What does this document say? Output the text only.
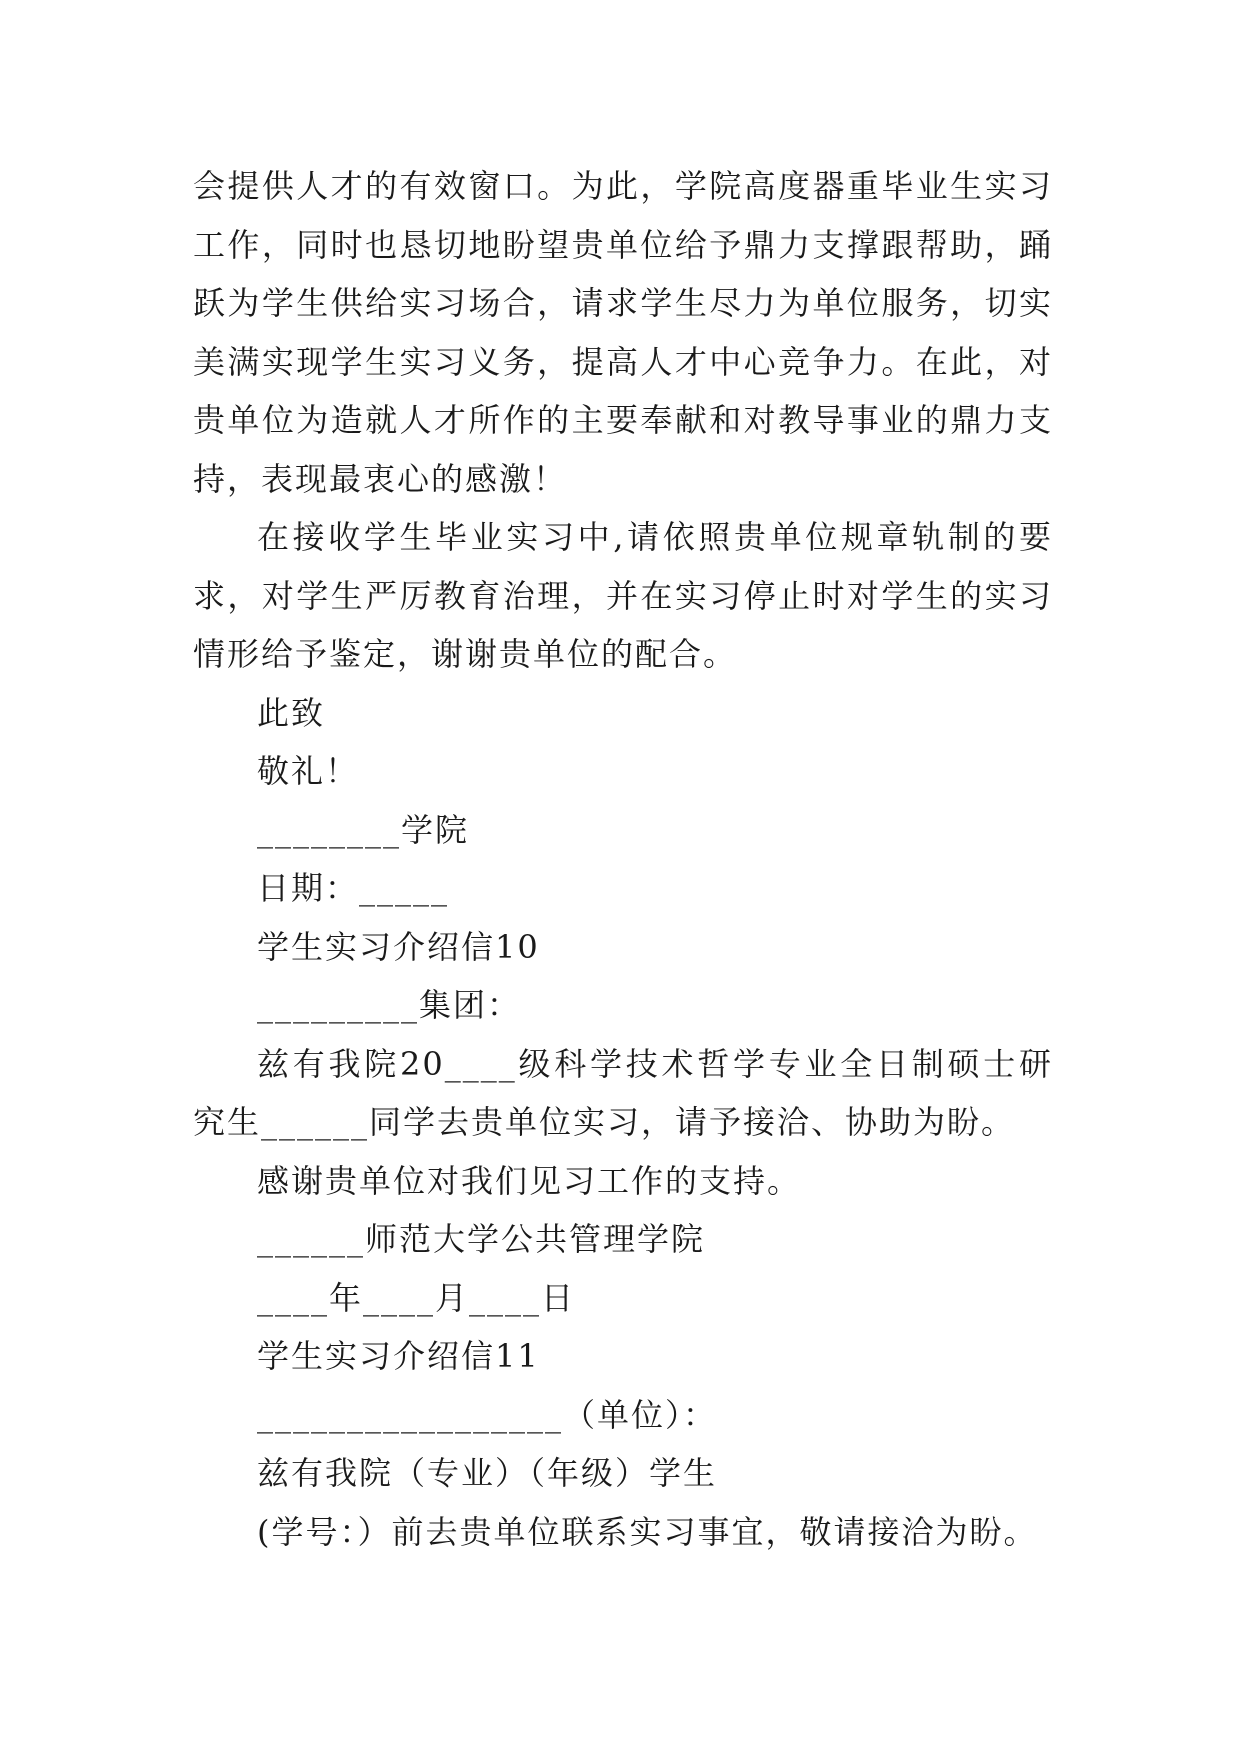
会提供人才的有效窗口。为此，学院高度器重毕业生实习工作，同时也恳切地盼望贵单位给予鼎力支撑跟帮助，踊跃为学生供给实习场合，请求学生尽力为单位服务，切实美满实现学生实习义务，提高人才中心竞争力。在此，对贵单位为造就人才所作的主要奉献和对教导事业的鼎力支持，表现最衷心的感激！

在接收学生毕业实习中,请依照贵单位规章轨制的要求，对学生严厉教育治理，并在实习停止时对学生的实习情形给予鉴定，谢谢贵单位的配合。

此致

敬礼！

________学院

日期：_____

学生实习介绍信10

_________集团：

兹有我院20____级科学技术哲学专业全日制硕士研究生______同学去贵单位实习，请予接洽、协助为盼。

感谢贵单位对我们见习工作的支持。

______师范大学公共管理学院

____年____月____日

学生实习介绍信11

_________________（单位）：

兹有我院（专业）（年级）学生

(学号：）前去贵单位联系实习事宜，敬请接洽为盼。
